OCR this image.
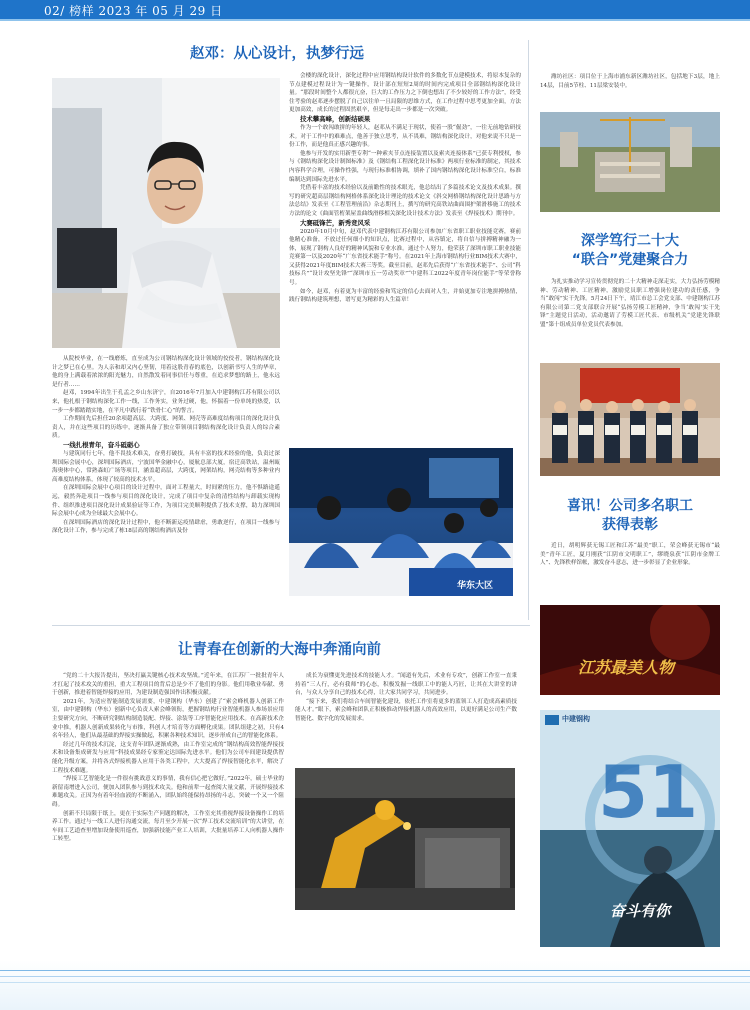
02/ 榜样 2023 年 05 月 29 日
赵邓：从心设计，执梦行远

从院校毕业，在一线磨炼，直至成为公司钢结构深化设计领域的佼佼者，钢结构深化设计之梦已在心里。为人亲和却又内心坚韧，用着这股青春的底色，以创新书写人生的华章，他的身上满载着浓浓的阳光魅力，自然散发着同事信任与尊重，在追求梦想的路上，他永远是行者……

赵邓，1994年出生于孔孟之乡山东济宁，自2016年7月加入中建钢构江苏有限公司以来，他扎根于钢结构深化工作一线，工作务实，业务过硬，他，怀揣着一份单纯的热爱，以一步一步都踏踏实地，在平凡中践行着“铁骨仁心”的誓言。

工作期间先后担任20余项超高层、大跨度、网架、网壳等高难度结构项目的深化设计负责人，并在这些项目的历练中，逐渐具备了独立带领项目钢结构深化设计负责人的综合素质。

一线扎根青年，奋斗砥砺心

与建筑同行七年，他不畏技术难关，奋勇打破技，具有丰富的技术经验的他，负责过深圳国际会展中心，深圳国际酒店，宁波国华金融中心，厦航总部大厦，宿迁高铁站，温州瓯海奥体中心，常熟森虹广场等项目，涵盖超高层，大跨度，网架结构，网壳结构等多种业内高难度结构体系，体现了较高的技术水平。

在深圳国际会展中心项目的设计过程中，面对工程量大，时间紧的压力，他不惧路途遥远，毅然奔赴项目一线参与项目的深化设计，完成了项目中复杂的清性结构与卸载实现构件、组织推进项目深化设计成果验证等工作，为项目完美顺利提供了技术支撑，助力深圳国际会展中心成为全球最大会展中心。

在深圳国际酒店的深化设计过程中，他不断新运疫情肆虐，勇敢逆行，在项目一线参与深化设计工作，参与完成了栋18层高的钢结构酒店及份

会楼的深化设计，深化过程中应用钢结构设计软件的多数化节点建模技术，将原本复杂的节点建模过程设计为一键操作，设计部在短短2周的时间内完成项目全部钢结构深化设计量。“那段时间整个人都很亢奋，巨大的工作压力之下倒也想出了不少较好的工作方法”，经受住考验的赵邓逐步摆脱了自己以往单一且局限的思维方式，在工作过程中思考更加全面，方法更加高效，成长的过程固然艰辛，但是每走出一步都是一次突破。

技术攀高峰，创新结硕果

作为一个敢闯敢拼的年轻人，赵邓从不满足于现状，使着一股“倔劲”，一往无前地钻研技术。对于工作中的难难点，他善于独立思考，从不畏难，钢结构深化设计，对他来说不只是一份工作，而是他真正感兴趣的事。

他参与开发的实用新型专利“一种索夹节点连接装置以及索夹连接体系”已获专利授权，参与《钢结构深化设计制图标准》及《钢结构工程深化设计标准》两项行业标准的制定，其技术内容科学合理，可操作性强，与现行标准相协调，填补了国内钢结构深化设计标准空白，标准编制达到国际先进水平。

凭借着丰富的技术经验以及前瞻性的技术眼光，他总结出了多篇技术论文及技术成果。撰写的研究超高层钢结构网格体系深化设计理论的技术论文《斜交网格钢结构深化设计思路与方法总结》发表至《工程管理前沿》杂志期刊上，撰写的研究高铁站曲面围护架滑移施工的技术方法的论文《曲面管桁架屋盖曲线滑移相关深化设计技术方法》发表至《焊接技术》期刊中。

大赛砥锋芒，新秀竞风采

2020年10月中旬，赵邓代表中建钢构江苏有限公司参加广东省职工职业技能竞赛，赛前他精心准备，不放过任何细小的知识点，比赛过程中，从容镇定，将自信与拼搏精神融为一体，展现了钢构人良好的精神风貌和专业水准。通过个人努力，他荣获了深圳市职工职业技能竞赛第一以及2020年“广东省技术能手”称号。在2021年上海市钢结构行业BIM技术大赛中，又获得2021年度BIM技术大赛三等奖。截至目前，赵邓先后获得“广东省技术能手”、公司“科技标兵”“设计攻坚先锋”“深圳市五一劳动奖章”“中建科工2022年度青年岗位能手”等荣誉称号。

如今，赵邓，有着更为丰富的经验和笃定的信心去面对人生，并始更加专注地拼搏热情，践行钢结构建筑理想，谱写更为精彩的人生篇章！

华东大区

潍坊社区：项目位于上海市浦东新区潍坊社区，包括地下3层，地上14层，目前5节柱、11层梁安装中。

深学笃行二十大
“联合”党建聚合力

为扎实推动学习宣传贯彻党的二十大精神走深走实，大力弘扬劳模精神、劳动精神、工匠精神，激励党员职工增强岗位建功的责任感，争当“敢闯”实干先锋。5月24日下午，靖江市总工会党支部、中建钢构江苏有限公司第二党支部联合开展“弘扬劳模工匠精神，争当‘敢闯’实干先锋”主题党日活动，活动邀请了劳模工匠代表、市级机关“党建先锋联盟”第十组成员单位党员代表参加。

喜讯！公司多名职工
获得表彰

近日，胡明辉获无锡工匠和江苏“最美”职工，荣会峰获无锡市“最美”青年工匠，夏月刚获“江阴市文明职工”，缪晓泉获“江阴市金牌工人”、先锋秩样馆帐，激发奋斗意志，进一步彰显了企业形象。

江苏最美人物
中建钢构
51
奋斗有你
让青春在创新的大海中奔涌向前

“党的二十大报告提出，坚决打赢关键核心技术攻坚战。”近年来，在江苏厂一批批青年人才扛起了技术攻关的重担，重大工程项目的背后总是少不了他们的身影。他们用敬业奉献、勇于创新，推进着智能焊接的应用，为建设制造强国作出积极贡献。

2021年，为适应智能制造发展需要，中建钢构（华东）创建了“索会峰机器人创新工作室，由中建钢构（华东）创新中心负责人索会峰领衔，把握钢结构行业智能机器人参场景应用主要研究方向，不断研究钢结构制造装配、焊接、涂装等工序智能化应用技术。在高新技术企业中推，机器人创新成果转化与市推，科创人才培育等方面孵化成果。团队组建之初，只有4名年轻人，他们从最基础的焊接实操做起，积累各种技术知识，逐步形成自己的智能化体系。

经过几年的技术沉淀，这支青年团队逐渐成熟，由工作室完成的“钢结构高效智能焊接技术和设备集成研发与应用”科技成果经专家鉴定达国际先进水平。他们为公司车间建设提供智能化升级方案，并将各式焊接机器人应用于各类工程中，大大提高了焊接智能化水平，解决了工程技术难题。

“焊接工艺智能化是一件很有挑战意义的事情，我有信心把它做好。”2022年，硕士毕业的新留南增进入公司，便加入团队参与到技术攻关。他和前辈一起查阅大量文献，开展焊接技术难题攻关。正因为有着年轻血液的不断涌入，团队始终能保持昂扬的斗志，突破一个又一个阻碍。

创新不只局限于纸上，更在于实际生产问题的解决，工作室充其重视焊接设备操作工的培养工作。通过与一线工人进行沟通交流，每月至少开展一次“焊工技术交流培训”的大讲堂，在车间工艺道查里增加设备使用巡查，加强新技能产业工人培训，大批量培养工人向机器人操作工转型。

成长为衰懂更先进技术的技能人才。“闻道有先后，术业有专攻”，创新工作室一直秉持着“三人行，必有我师”的心态，积极发掘一线职工中的能人巧匠，让其在大讲堂的讲台，与众人分享自己的技术心得，让大家共同学习，共同进步。

“接下来，我们将结合车间智能化建设，依托工作室将更多的蓝领工人打造成高素质技能人才。”眼下，索会峰和团队正积极推动焊接机器人的高效应用，以更好满足公司生产数智能化、数字化的发展需求。
